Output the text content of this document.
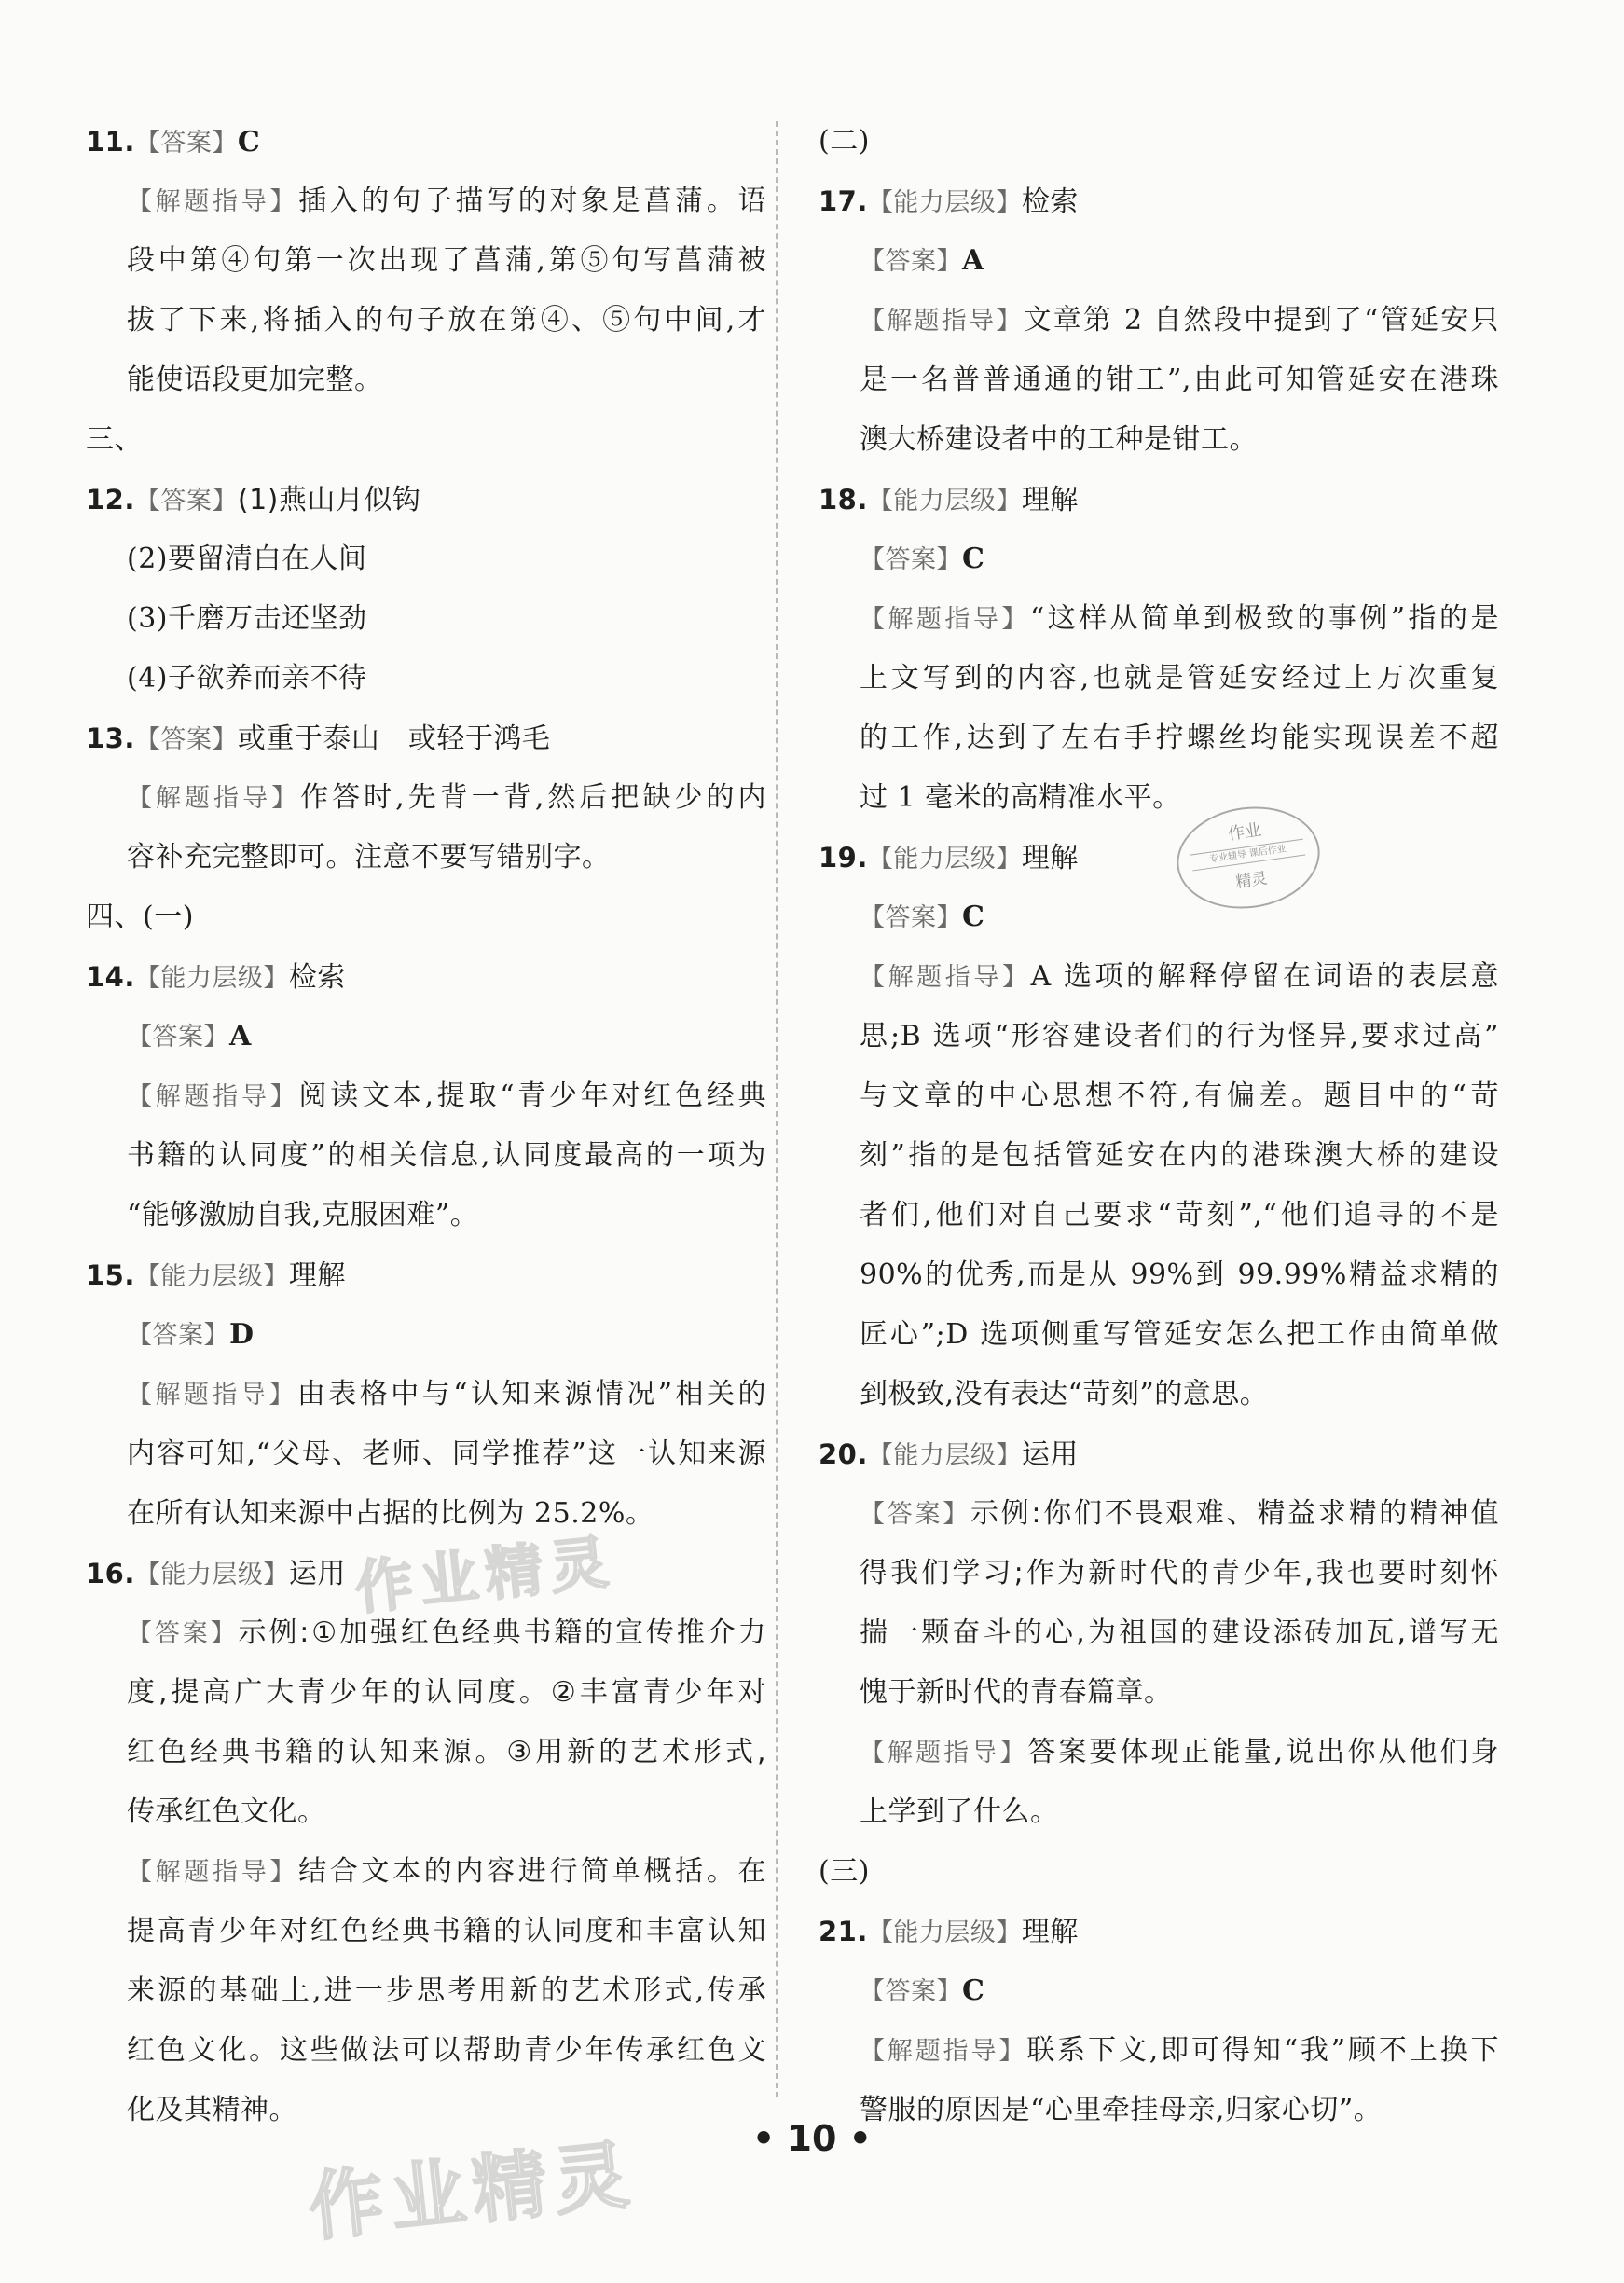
11.【答案】C
【解题指导】插入的句子描写的对象是菖蒲。语
段中第④句第一次出现了菖蒲,第⑤句写菖蒲被
拔了下来,将插入的句子放在第④、⑤句中间,才
能使语段更加完整。
三、
12.【答案】(1)燕山月似钩
(2)要留清白在人间
(3)千磨万击还坚劲
(4)子欲养而亲不待
13.【答案】或重于泰山　或轻于鸿毛
【解题指导】作答时,先背一背,然后把缺少的内
容补充完整即可。注意不要写错别字。
四、(一)
14.【能力层级】检索
【答案】A
【解题指导】阅读文本,提取“青少年对红色经典
书籍的认同度”的相关信息,认同度最高的一项为
“能够激励自我,克服困难”。
15.【能力层级】理解
【答案】D
【解题指导】由表格中与“认知来源情况”相关的
内容可知,“父母、老师、同学推荐”这一认知来源
在所有认知来源中占据的比例为 25.2%。
16.【能力层级】运用
【答案】示例:①加强红色经典书籍的宣传推介力
度,提高广大青少年的认同度。②丰富青少年对
红色经典书籍的认知来源。③用新的艺术形式,
传承红色文化。
【解题指导】结合文本的内容进行简单概括。在
提高青少年对红色经典书籍的认同度和丰富认知
来源的基础上,进一步思考用新的艺术形式,传承
红色文化。这些做法可以帮助青少年传承红色文
化及其精神。
(二)
17.【能力层级】检索
【答案】A
【解题指导】文章第 2 自然段中提到了“管延安只
是一名普普通通的钳工”,由此可知管延安在港珠
澳大桥建设者中的工种是钳工。
18.【能力层级】理解
【答案】C
【解题指导】“这样从简单到极致的事例”指的是
上文写到的内容,也就是管延安经过上万次重复
的工作,达到了左右手拧螺丝均能实现误差不超
过 1 毫米的高精准水平。
19.【能力层级】理解
【答案】C
【解题指导】A 选项的解释停留在词语的表层意
思;B 选项“形容建设者们的行为怪异,要求过高”
与文章的中心思想不符,有偏差。题目中的“苛
刻”指的是包括管延安在内的港珠澳大桥的建设
者们,他们对自己要求“苛刻”,“他们追寻的不是
90%的优秀,而是从 99%到 99.99%精益求精的
匠心”;D 选项侧重写管延安怎么把工作由简单做
到极致,没有表达“苛刻”的意思。
20.【能力层级】运用
【答案】示例:你们不畏艰难、精益求精的精神值
得我们学习;作为新时代的青少年,我也要时刻怀
揣一颗奋斗的心,为祖国的建设添砖加瓦,谱写无
愧于新时代的青春篇章。
【解题指导】答案要体现正能量,说出你从他们身
上学到了什么。
(三)
21.【能力层级】理解
【答案】C
【解题指导】联系下文,即可得知“我”顾不上换下
警服的原因是“心里牵挂母亲,归家心切”。
作业
专业辅导 课后作业
精灵
作业精灵
作业精灵	• 10 •
